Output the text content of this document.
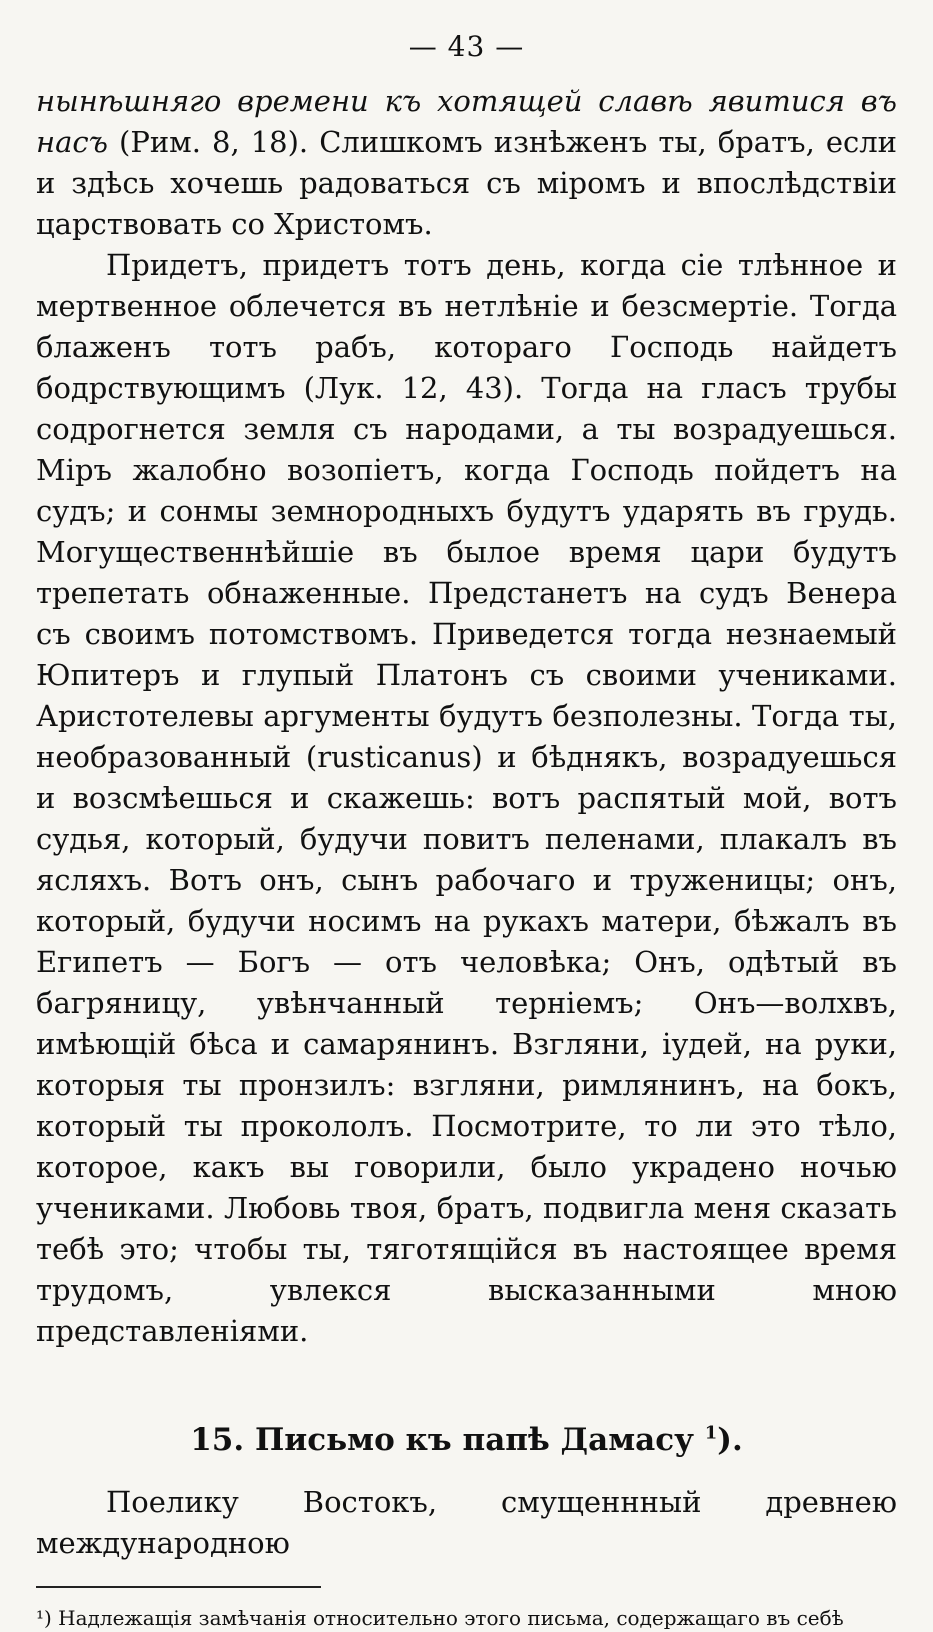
— 43 —

нынѣшняго времени къ хотящей славѣ явитися въ насъ (Рим. 8, 18). Слишкомъ изнѣженъ ты, братъ, если и здѣсь хочешь радоваться съ міромъ и впослѣдствіи царствовать со Христомъ.

Придетъ, придетъ тотъ день, когда сіе тлѣнное и мертвенное облечется въ нетлѣніе и безсмертіе. Тогда блаженъ тотъ рабъ, котораго Господь найдетъ бодрствующимъ (Лук. 12, 43). Тогда на гласъ трубы содрогнется земля съ народами, а ты возрадуешься. Міръ жалобно возопіетъ, когда Господь пойдетъ на судъ; и сонмы земнородныхъ будутъ ударять въ грудь. Могущественнѣйшіе въ былое время цари будутъ трепетать обнаженные. Предстанетъ на судъ Венера съ своимъ потомствомъ. Приведется тогда незнаемый Юпитеръ и глупый Платонъ съ своими учениками. Аристотелевы аргументы будутъ безполезны. Тогда ты, необразованный (rusticanus) и бѣднякъ, возрадуешься и возсмѣешься и скажешь: вотъ распятый мой, вотъ судья, который, будучи повитъ пеленами, плакалъ въ ясляхъ. Вотъ онъ, сынъ рабочаго и труженицы; онъ, который, будучи носимъ на рукахъ матери, бѣжалъ въ Египетъ — Богъ — отъ человѣка; Онъ, одѣтый въ багряницу, увѣнчанный терніемъ; Онъ—волхвъ, имѣющій бѣса и самарянинъ. Взгляни, іудей, на руки, которыя ты пронзилъ: взгляни, римлянинъ, на бокъ, который ты прокололъ. Посмотрите, то ли это тѣло, которое, какъ вы говорили, было украдено ночью учениками. Любовь твоя, братъ, подвигла меня сказать тебѣ это; чтобы ты, тяготящійся въ настоящее время трудомъ, увлекся высказанными мною представленіями.

15. Письмо къ папѣ Дамасу $^1$).

Поелику Востокъ, смущеннный древнею международною

¹) Надлежащія замѣчанія относительно этого письма, содержащаго въ себѣ
